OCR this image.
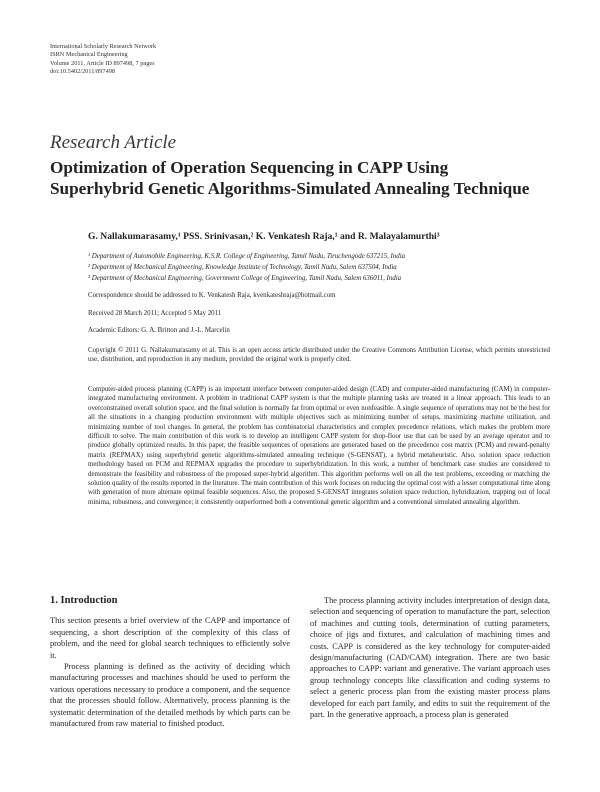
International Scholarly Research Network
ISRN Mechanical Engineering
Volume 2011, Article ID 897498, 7 pages
doi:10.5402/2011/897498
Research Article
Optimization of Operation Sequencing in CAPP Using
Superhybrid Genetic Algorithms-Simulated Annealing Technique
G. Nallakumarasamy,¹ PSS. Srinivasan,² K. Venkatesh Raja,¹ and R. Malayalamurthi³
¹ Department of Automobile Engineering, K.S.R. College of Engineering, Tamil Nadu, Tiruchengode 637215, India
² Department of Mechanical Engineering, Knowledge Institute of Technology, Tamil Nadu, Salem 637504, India
³ Department of Mechanical Engineering, Government College of Engineering, Tamil Nadu, Salem 636011, India
Correspondence should be addressed to K. Venkatesh Raja, kvenkateshraja@hotmail.com
Received 28 March 2011; Accepted 5 May 2011
Academic Editors: G. A. Britton and J.-L. Marcelin
Copyright © 2011 G. Nallakumarasamy et al. This is an open access article distributed under the Creative Commons Attribution License, which permits unrestricted use, distribution, and reproduction in any medium, provided the original work is properly cited.
Computer-aided process planning (CAPP) is an important interface between computer-aided design (CAD) and computer-aided manufacturing (CAM) in computer-integrated manufacturing environment. A problem in traditional CAPP system is that the multiple planning tasks are treated in a linear approach. This leads to an overconstrained overall solution space, and the final solution is normally far from optimal or even nonfeasible. A single sequence of operations may not be the best for all the situations in a changing production environment with multiple objectives such as minimizing number of setups, maximizing machine utilization, and minimizing number of tool changes. In general, the problem has combinatorial characteristics and complex precedence relations, which makes the problem more difficult to solve. The main contribution of this work is to develop an intelligent CAPP system for shop-floor use that can be used by an average operator and to produce globally optimized results. In this paper, the feasible sequences of operations are generated based on the precedence cost matrix (PCM) and reward-penalty matrix (REPMAX) using superhybrid genetic algorithms-simulated annealing technique (S-GENSAT), a hybrid metaheuristic. Also, solution space reduction methodology based on PCM and REPMAX upgrades the procedure to superhybridization. In this work, a number of benchmark case studies are considered to demonstrate the feasibility and robustness of the proposed super-hybrid algorithm. This algorithm performs well on all the test problems, exceeding or matching the solution quality of the results reported in the literature. The main contribution of this work focuses on reducing the optimal cost with a lesser computational time along with generation of more alternate optimal feasible sequences. Also, the proposed S-GENSAT integrates solution space reduction, hybridization, trapping out of local minima, robustness, and convergence; it consistently outperformed both a conventional genetic algorithm and a conventional simulated annealing algorithm.
1. Introduction

This section presents a brief overview of the CAPP and importance of sequencing, a short description of the complexity of this class of problem, and the need for global search techniques to efficiently solve it.

Process planning is defined as the activity of deciding which manufacturing processes and machines should be used to perform the various operations necessary to produce a component, and the sequence that the processes should follow. Alternatively, process planning is the systematic determination of the detailed methods by which parts can be manufactured from raw material to finished product.

The process planning activity includes interpretation of design data, selection and sequencing of operation to manufacture the part, selection of machines and cutting tools, determination of cutting parameters, choice of jigs and fixtures, and calculation of machining times and costs. CAPP is considered as the key technology for computer-aided design/manufacturing (CAD/CAM) integration. There are two basic approaches to CAPP: variant and generative. The variant approach uses group technology concepts like classification and coding systems to select a generic process plan from the existing master process plans developed for each part family, and edits to suit the requirement of the part. In the generative approach, a process plan is generated
